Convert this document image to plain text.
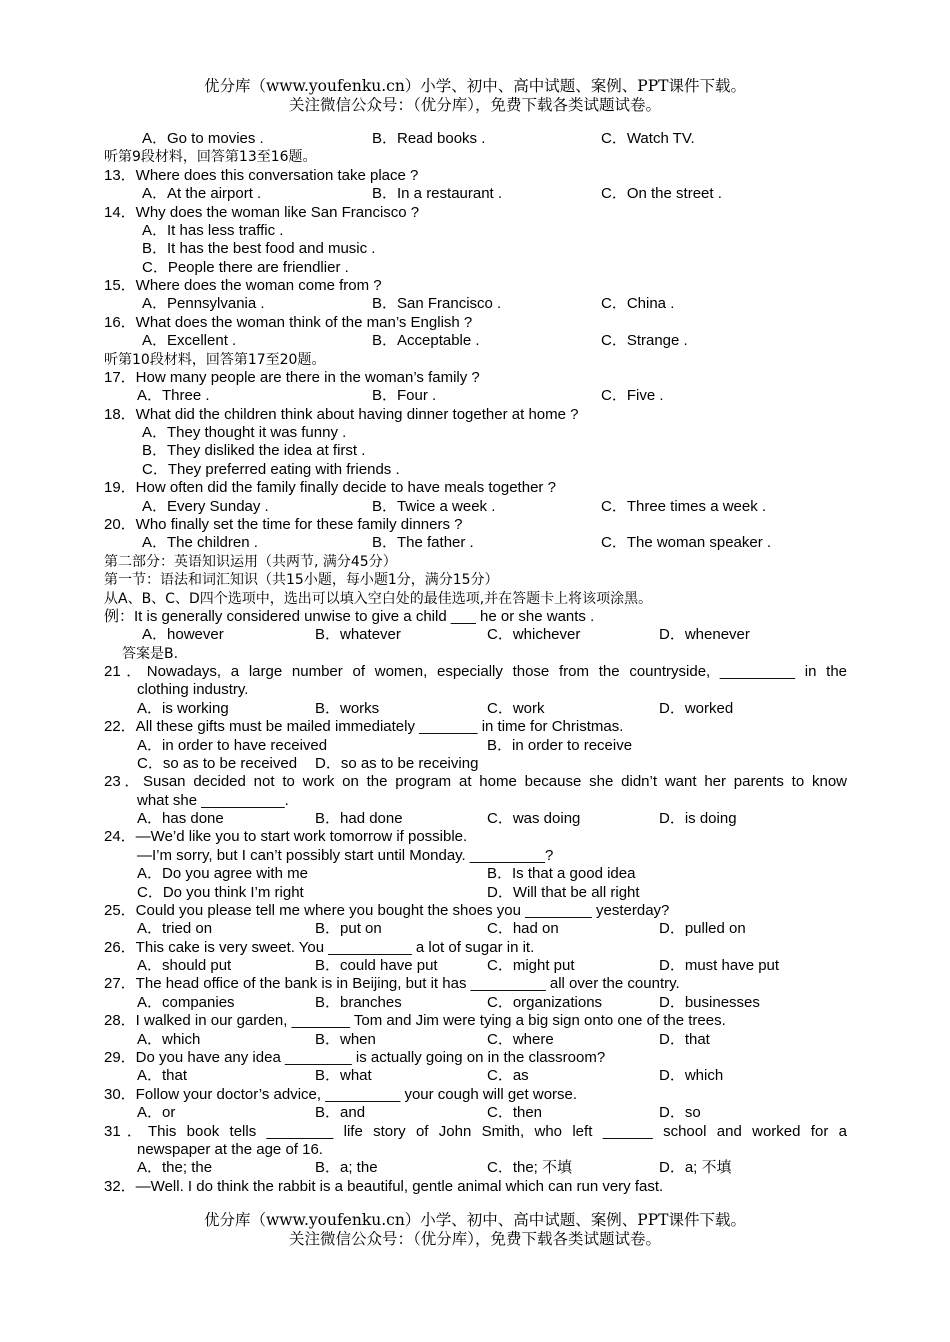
优分库（www.youfenku.cn）小学、初中、高中试题、案例、PPT课件下载。
关注微信公众号：（优分库），免费下载各类试题试卷。
A．Go to movies .	B．Read books .	C．Watch TV.
听第9段材料，回答第13至16题。
13．Where does this conversation take place ?
A．At the airport .	B．In a restaurant .	C．On the street .
14．Why does the woman like San Francisco ?
A．It has less traffic .
B．It has the best food and music .
C．People there are friendlier .
15．Where does the woman come from ?
A．Pennsylvania .	B．San Francisco .	C．China .
16．What does the woman think of the man’s English ?
A．Excellent .	B．Acceptable .	C．Strange .
听第10段材料，回答第17至20题。
17．How many people are there in the woman’s family ?
A．Three .	B．Four .	C．Five .
18．What did the children think about having dinner together at home ?
A．They thought it was funny .
B．They disliked the idea at first .
C．They preferred eating with friends .
19．How often did the family finally decide to have meals together ?
A．Every Sunday .	B．Twice a week .	C．Three times a week .
20．Who finally set the time for these family dinners ?
A．The children .	B．The father .	C．The woman speaker .
第二部分：英语知识运用（共两节, 满分45分）
第一节：语法和词汇知识（共15小题，每小题1分，满分15分）
从A、B、C、D四个选项中，选出可以填入空白处的最佳选项,并在答题卡上将该项涂黑。
例：It is generally considered unwise to give a child ___ he or she wants .
A．however	B．whatever	C．whichever	D．whenever
答案是B.
21．Nowadays, a large number of women, especially those from the countryside, _________ in the
clothing industry.
A．is working	B．works	C．work	D．worked
22．All these gifts must be mailed immediately _______ in time for Christmas.
A．in order to have received	B．in order to receive
C．so as to be received D．so as to be receiving
23．Susan decided not to work on the program at home because she didn’t want her parents to know
what she __________.
A．has done	B．had done	C．was doing	D．is doing
24．—We’d like you to start work tomorrow if possible.
—I’m sorry, but I can’t possibly start until Monday. _________?
A．Do you agree with me	B．Is that a good idea
C．Do you think I’m right	D．Will that be all right
25．Could you please tell me where you bought the shoes you ________ yesterday?
A．tried on	B．put on	C．had on	D．pulled on
26．This cake is very sweet. You __________ a lot of sugar in it.
A．should put	B．could have put	C．might put	D．must have put
27．The head office of the bank is in Beijing, but it has _________ all over the country.
A．companies	B．branches	C．organizations	D．businesses
28．I walked in our garden, _______ Tom and Jim were tying a big sign onto one of the trees.
A．which	B．when	C．where	D．that
29．Do you have any idea ________ is actually going on in the classroom?
A．that	B．what	C．as	D．which
30．Follow your doctor’s advice, _________ your cough will get worse.
A．or	B．and	C．then	D．so
31．This book tells ________ life story of John Smith, who left ______ school and worked for a
newspaper at the age of 16.
A．the; the	B．a; the	C．the; 不填	D．a; 不填
32．—Well. I do think the rabbit is a beautiful, gentle animal which can run very fast.
优分库（www.youfenku.cn）小学、初中、高中试题、案例、PPT课件下载。
关注微信公众号：（优分库），免费下载各类试题试卷。
